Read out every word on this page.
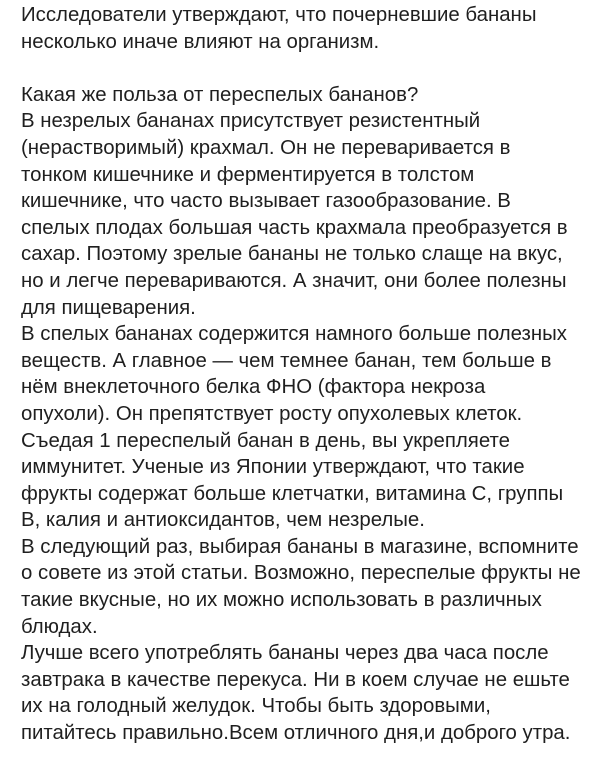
Исследователи утверждают, что почерневшие бананы
несколько иначе влияют на организм.
Какая же польза от переспелых бананов?
В незрелых бананах присутствует резистентный
(нерастворимый) крахмал. Он не переваривается в
тонком кишечнике и ферментируется в толстом
кишечнике, что часто вызывает газообразование. В
спелых плодах большая часть крахмала преобразуется в
сахар. Поэтому зрелые бананы не только слаще на вкус,
но и легче перевариваются. А значит, они более полезны
для пищеварения.
В спелых бананах содержится намного больше полезных
веществ. А главное — чем темнее банан, тем больше в
нём внеклеточного белка ФНО (фактора некроза
опухоли). Он препятствует росту опухолевых клеток.
Съедая 1 переспелый банан в день, вы укрепляете
иммунитет. Ученые из Японии утверждают, что такие
фрукты содержат больше клетчатки, витамина С, группы
В, калия и антиоксидантов, чем незрелые.
В следующий раз, выбирая бананы в магазине, вспомните
о совете из этой статьи. Возможно, переспелые фрукты не
такие вкусные, но их можно использовать в различных
блюдах.
Лучше всего употреблять бананы через два часа после
завтрака в качестве перекуса. Ни в коем случае не ешьте
их на голодный желудок. Чтобы быть здоровыми,
питайтесь правильно.Всем отличного дня,и доброго утра.
